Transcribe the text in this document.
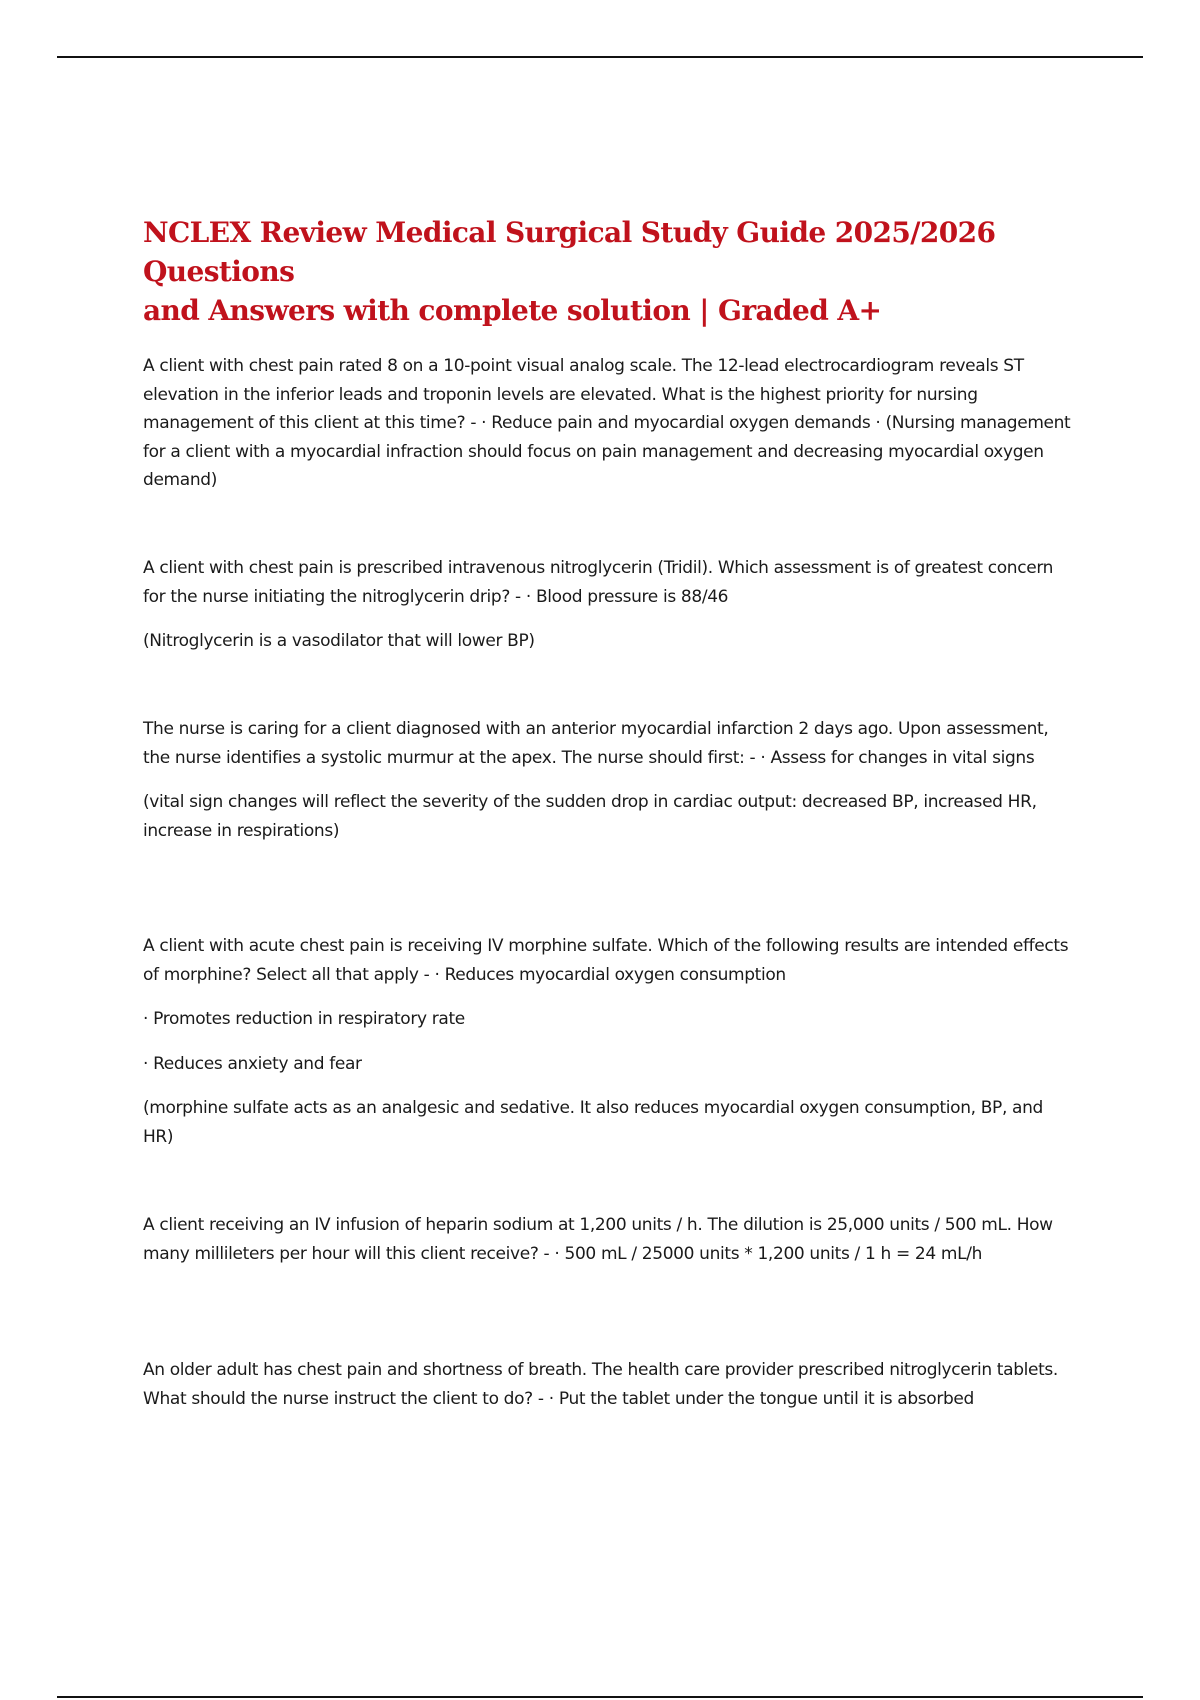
NCLEX Review Medical Surgical Study Guide 2025/2026 Questions
and Answers with complete solution | Graded A+

A client with chest pain rated 8 on a 10-point visual analog scale. The 12-lead electrocardiogram reveals ST elevation in the inferior leads and troponin levels are elevated. What is the highest priority for nursing management of this client at this time? - · Reduce pain and myocardial oxygen demands · (Nursing management for a client with a myocardial infraction should focus on pain management and decreasing myocardial oxygen demand)

A client with chest pain is prescribed intravenous nitroglycerin (Tridil). Which assessment is of greatest concern for the nurse initiating the nitroglycerin drip? - · Blood pressure is 88/46

(Nitroglycerin is a vasodilator that will lower BP)

The nurse is caring for a client diagnosed with an anterior myocardial infarction 2 days ago. Upon assessment, the nurse identifies a systolic murmur at the apex. The nurse should first: - · Assess for changes in vital signs

(vital sign changes will reflect the severity of the sudden drop in cardiac output: decreased BP, increased HR, increase in respirations)

A client with acute chest pain is receiving IV morphine sulfate. Which of the following results are intended effects of morphine? Select all that apply - · Reduces myocardial oxygen consumption

· Promotes reduction in respiratory rate

· Reduces anxiety and fear

(morphine sulfate acts as an analgesic and sedative. It also reduces myocardial oxygen consumption, BP, and HR)

A client receiving an IV infusion of heparin sodium at 1,200 units / h. The dilution is 25,000 units / 500 mL. How many millileters per hour will this client receive? - · 500 mL / 25000 units * 1,200 units / 1 h = 24 mL/h

An older adult has chest pain and shortness of breath. The health care provider prescribed nitroglycerin tablets. What should the nurse instruct the client to do? - · Put the tablet under the tongue until it is absorbed
